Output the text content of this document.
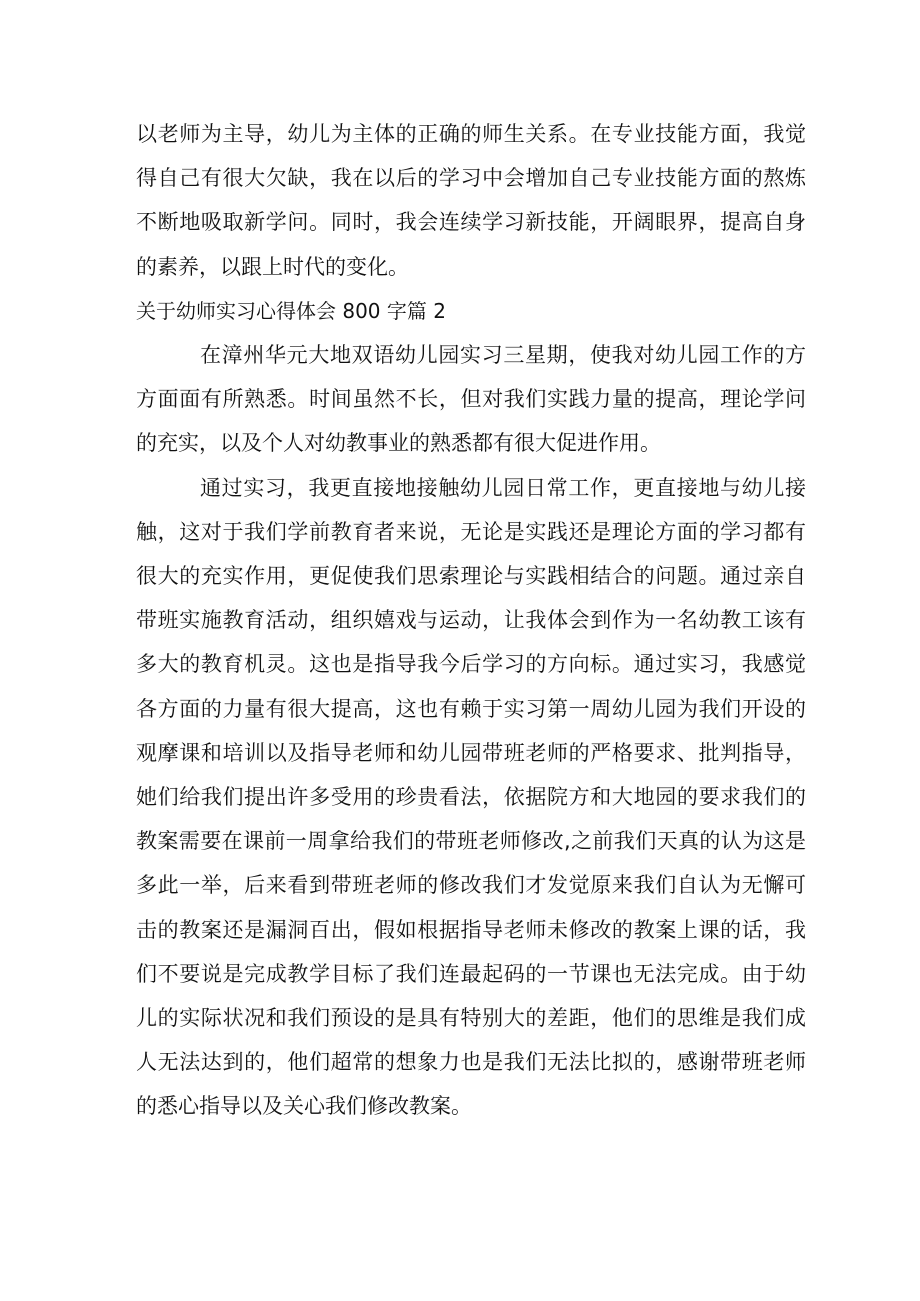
以老师为主导，幼儿为主体的正确的师生关系。在专业技能方面，我觉得自己有很大欠缺，我在以后的学习中会增加自己专业技能方面的熬炼不断地吸取新学问。同时，我会连续学习新技能，开阔眼界，提高自身的素养，以跟上时代的变化。

关于幼师实习心得体会 800 字篇 2

在漳州华元大地双语幼儿园实习三星期，使我对幼儿园工作的方方面面有所熟悉。时间虽然不长，但对我们实践力量的提高，理论学问的充实，以及个人对幼教事业的熟悉都有很大促进作用。

通过实习，我更直接地接触幼儿园日常工作，更直接地与幼儿接触，这对于我们学前教育者来说，无论是实践还是理论方面的学习都有很大的充实作用，更促使我们思索理论与实践相结合的问题。通过亲自带班实施教育活动，组织嬉戏与运动，让我体会到作为一名幼教工该有多大的教育机灵。这也是指导我今后学习的方向标。通过实习，我感觉各方面的力量有很大提高，这也有赖于实习第一周幼儿园为我们开设的观摩课和培训以及指导老师和幼儿园带班老师的严格要求、批判指导，她们给我们提出许多受用的珍贵看法，依据院方和大地园的要求我们的教案需要在课前一周拿给我们的带班老师修改,之前我们天真的认为这是多此一举，后来看到带班老师的修改我们才发觉原来我们自认为无懈可击的教案还是漏洞百出，假如根据指导老师未修改的教案上课的话，我们不要说是完成教学目标了我们连最起码的一节课也无法完成。由于幼儿的实际状况和我们预设的是具有特别大的差距，他们的思维是我们成人无法达到的，他们超常的想象力也是我们无法比拟的，感谢带班老师的悉心指导以及关心我们修改教案。
